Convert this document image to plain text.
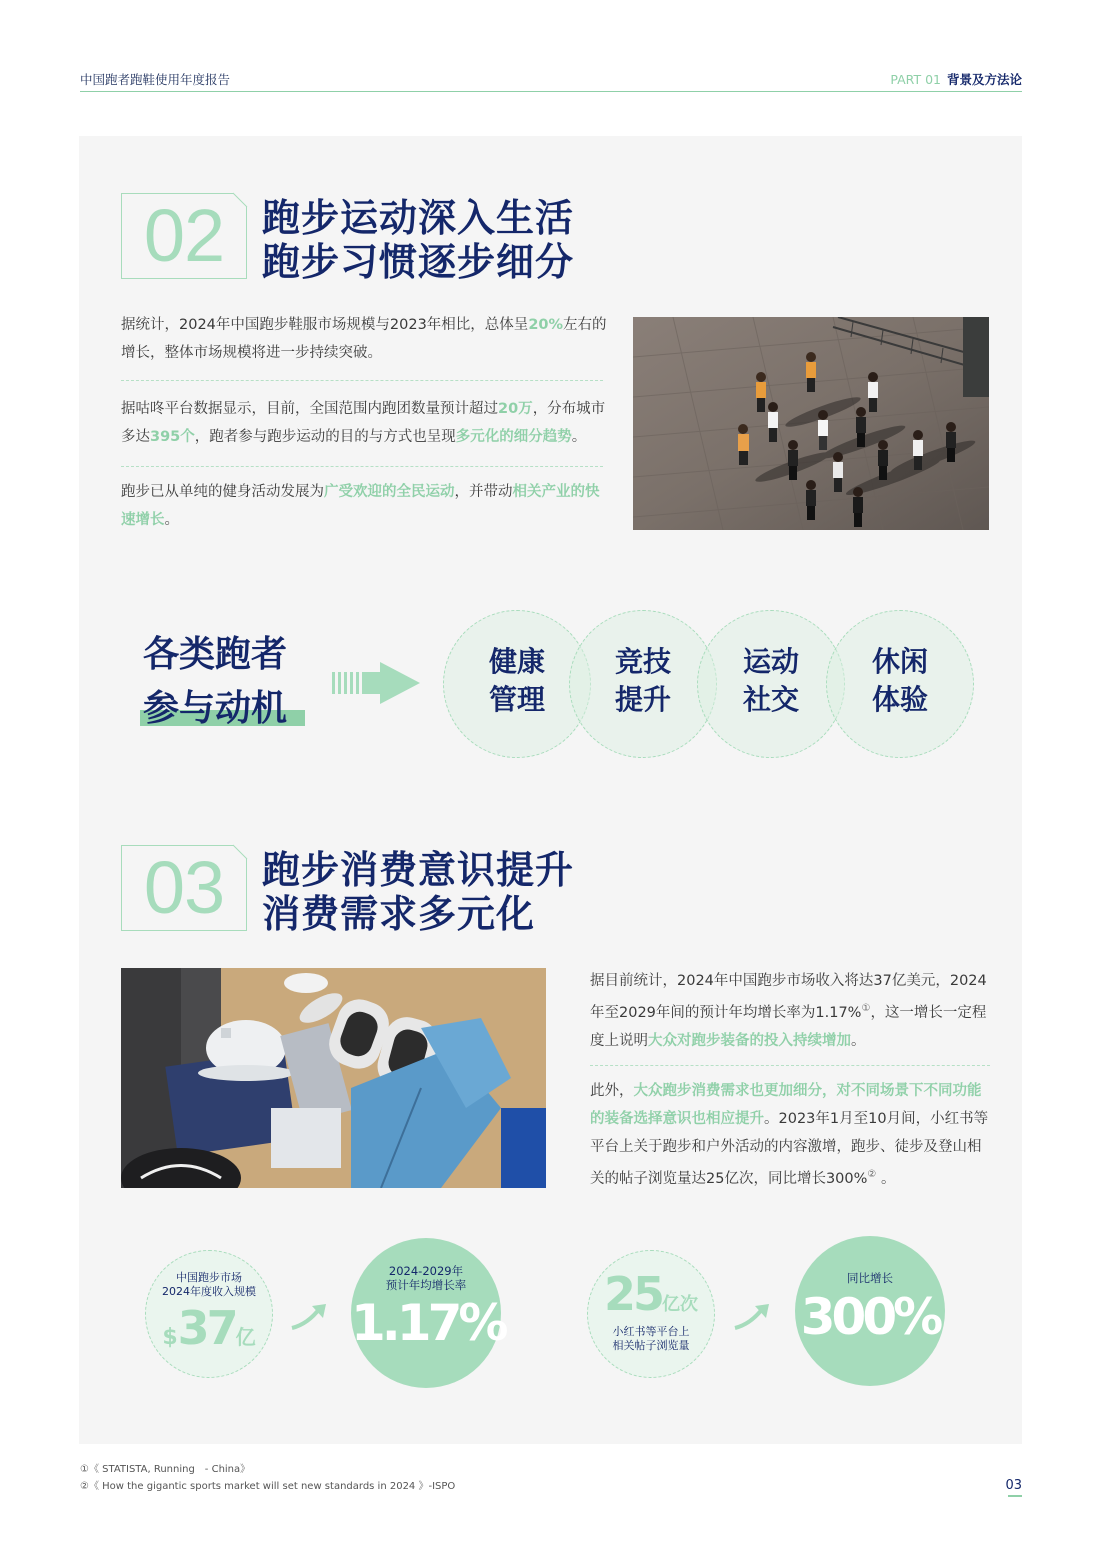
中国跑者跑鞋使用年度报告	PART 01 背景及方法论
02 跑步运动深入生活
跑步习惯逐步细分
据统计，2024年中国跑步鞋服市场规模与2023年相比，总体呈20%左右的增长，整体市场规模将进一步持续突破。
据咕咚平台数据显示，目前，全国范围内跑团数量预计超过20万，分布城市多达395个，跑者参与跑步运动的目的与方式也呈现多元化的细分趋势。
跑步已从单纯的健身活动发展为广受欢迎的全民运动，并带动相关产业的快速增长。
各类跑者
参与动机
健康
管理
竞技
提升
运动
社交
休闲
体验
03 跑步消费意识提升
消费需求多元化
据目前统计，2024年中国跑步市场收入将达37亿美元，2024年至2029年间的预计年均增长率为1.17%①，这一增长一定程度上说明大众对跑步装备的投入持续增加。
此外，大众跑步消费需求也更加细分，对不同场景下不同功能的装备选择意识也相应提升。2023年1月至10月间，小红书等平台上关于跑步和户外活动的内容激增，跑步、徒步及登山相关的帖子浏览量达25亿次，同比增长300%② 。
中国跑步市场
2024年度收入规模
$37亿
2024-2029年
预计年均增长率
1.17%	25亿次
小红书等平台上
相关帖子浏览量
同比增长
300%
①《 STATISTA, Running　- China》
②《 How the gigantic sports market will set new standards in 2024 》-ISPO	03
